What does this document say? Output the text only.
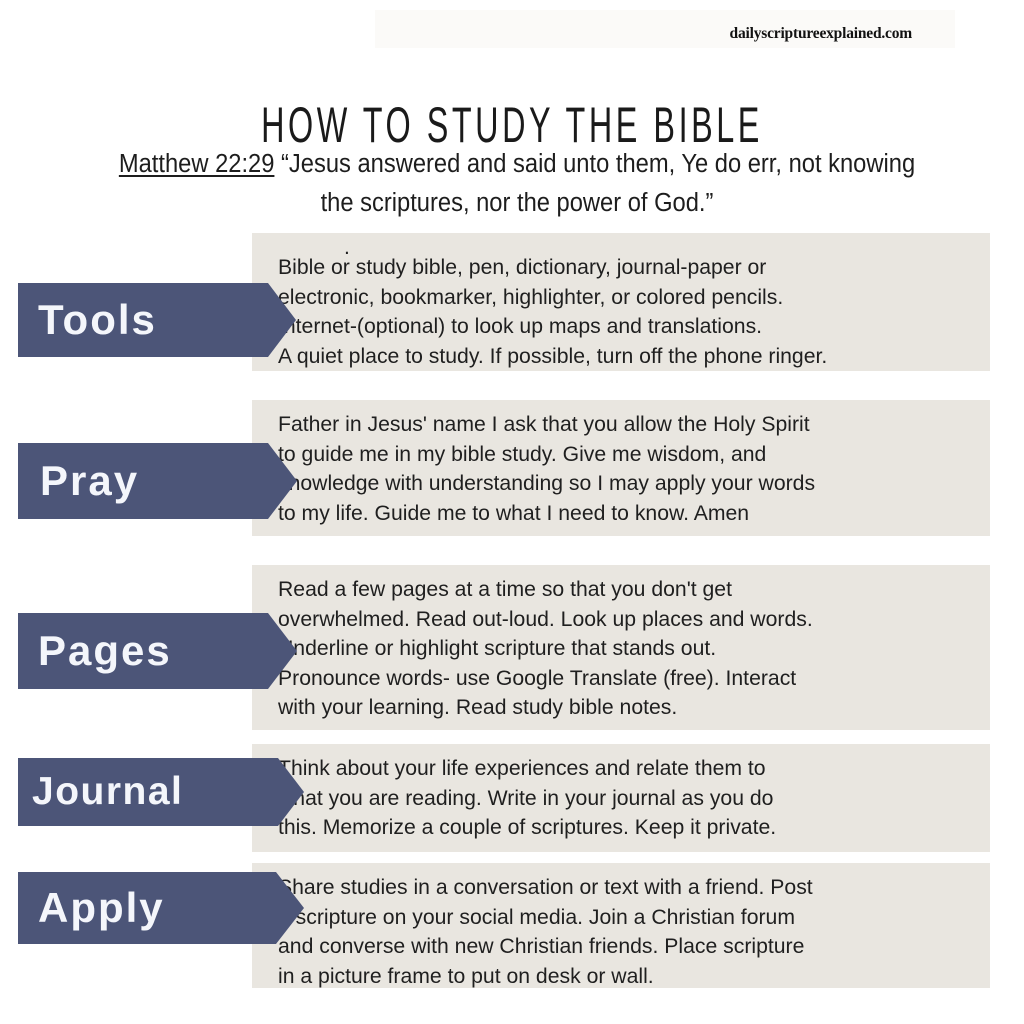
dailyscriptureexplained.com
HOW TO STUDY THE BIBLE
Matthew 22:29 “Jesus answered and said unto them, Ye do err, not knowing the scriptures, nor the power of God.”
.

Bible or study bible, pen, dictionary, journal-paper or

electronic, bookmarker, highlighter, or colored pencils.

Internet-(optional) to look up maps and translations.

A quiet place to study. If possible, turn off the phone ringer.

Tools

Father in Jesus' name I ask that you allow the Holy Spirit

to guide me in my bible study. Give me wisdom, and

knowledge with understanding so I may apply your words

to my life. Guide me to what I need to know. Amen

Pray

Read a few pages at a time so that you don't get

overwhelmed. Read out-loud. Look up places and words.

Underline or highlight scripture that stands out.

Pronounce words- use Google Translate (free). Interact

with your learning. Read study bible notes.

Pages

Think about your life experiences and relate them to

what you are reading. Write in your journal as you do

this. Memorize a couple of scriptures. Keep it private.

Journal

Share studies in a conversation or text with a friend. Post

a scripture on your social media. Join a Christian forum

and converse with new Christian friends. Place scripture

in a picture frame to put on desk or wall.

Apply
